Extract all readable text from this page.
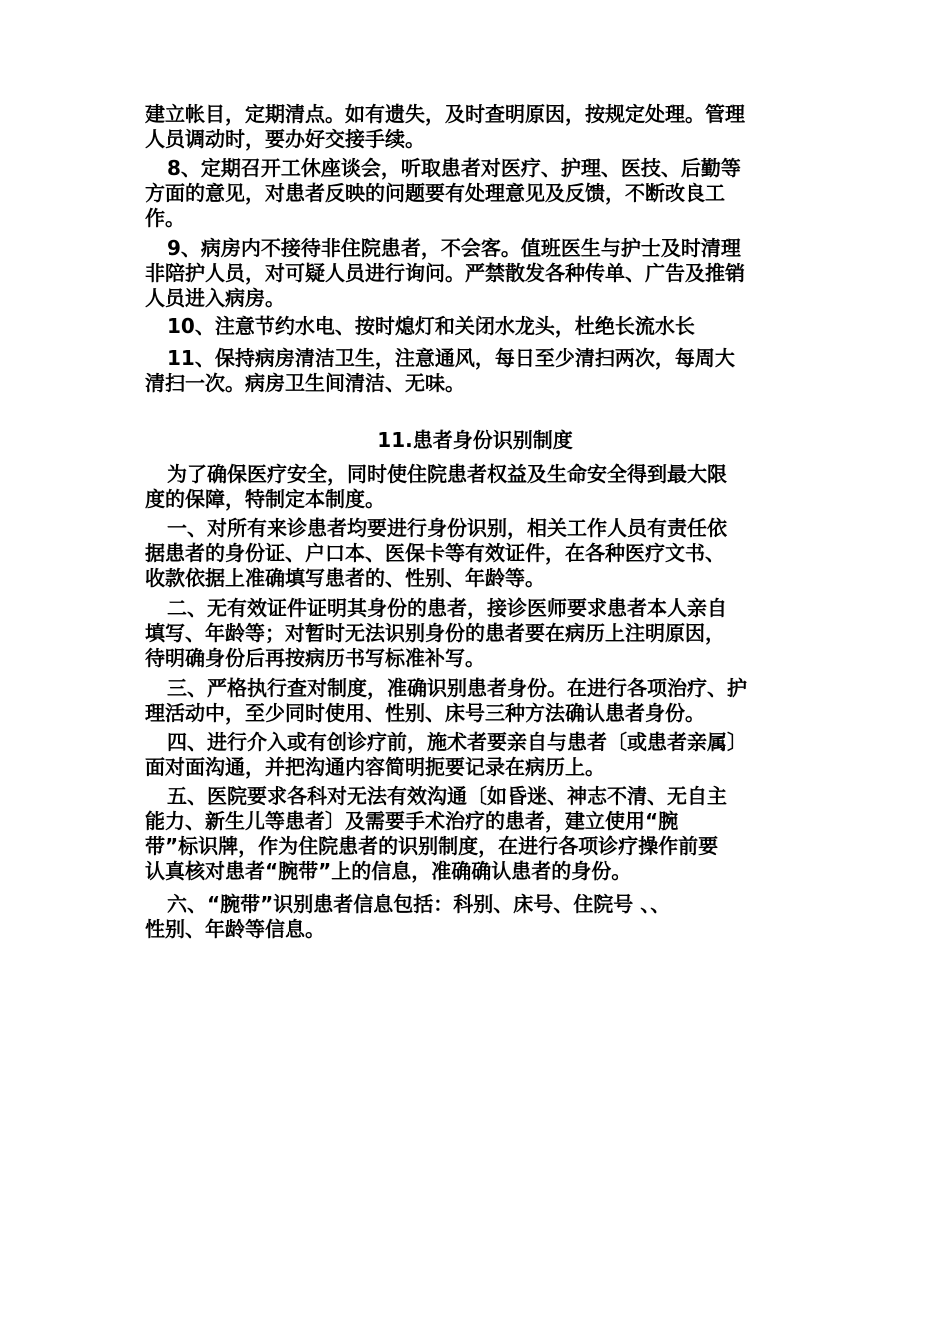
建立帐目，定期清点。如有遗失，及时查明原因，按规定处理。管理
人员调动时，要办好交接手续。
8、定期召开工休座谈会，听取患者对医疗、护理、医技、后勤等
方面的意见，对患者反映的问题要有处理意见及反馈，不断改良工
作。
9、病房内不接待非住院患者，不会客。值班医生与护士及时清理
非陪护人员，对可疑人员进行询问。严禁散发各种传单、广告及推销
人员进入病房。
10、注意节约水电、按时熄灯和关闭水龙头，杜绝长流水长
11、保持病房清洁卫生，注意通风，每日至少清扫两次，每周大
清扫一次。病房卫生间清洁、无味。
11.患者身份识别制度
为了确保医疗安全，同时使住院患者权益及生命安全得到最大限
度的保障，特制定本制度。
一、对所有来诊患者均要进行身份识别，相关工作人员有责任依
据患者的身份证、户口本、医保卡等有效证件，在各种医疗文书、
收款依据上准确填写患者的、性别、年龄等。
二、无有效证件证明其身份的患者，接诊医师要求患者本人亲自
填写、年龄等；对暂时无法识别身份的患者要在病历上注明原因，
待明确身份后再按病历书写标准补写。
三、严格执行查对制度，准确识别患者身份。在进行各项治疗、护
理活动中，至少同时使用、性别、床号三种方法确认患者身份。
四、进行介入或有创诊疗前，施术者要亲自与患者〔或患者亲属〕
面对面沟通，并把沟通内容简明扼要记录在病历上。
五、医院要求各科对无法有效沟通〔如昏迷、神志不清、无自主
能力、新生儿等患者〕及需要手术治疗的患者，建立使用“腕
带”标识牌，作为住院患者的识别制度，在进行各项诊疗操作前要
认真核对患者“腕带”上的信息，准确确认患者的身份。
六、“腕带”识别患者信息包括：科别、床号、住院号 、、
性别、年龄等信息。
